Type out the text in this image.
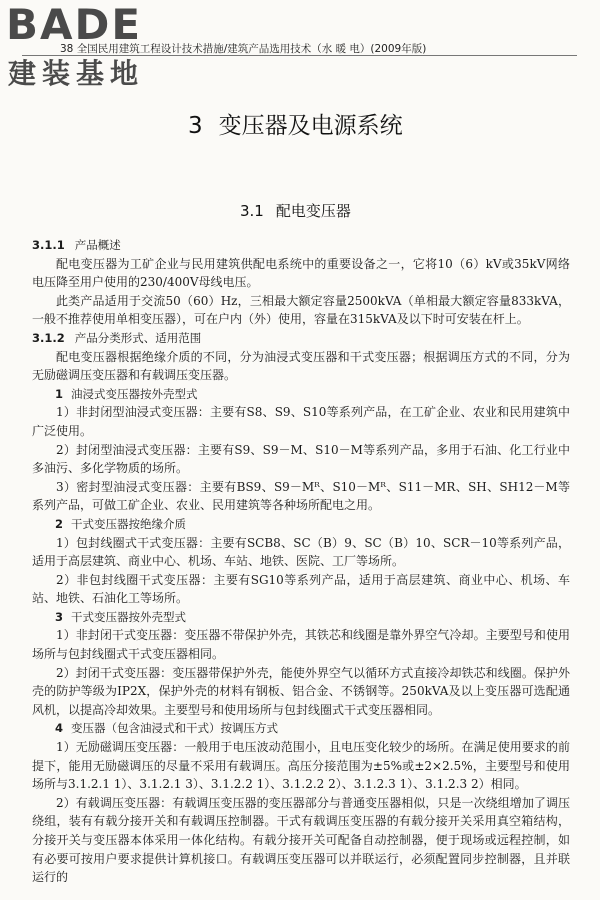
BADE
建装基地
38 全国民用建筑工程设计技术措施/建筑产品选用技术（水 暖 电）(2009年版)
3 变压器及电源系统
3.1 配电变压器

3.1.1 产品概述

配电变压器为工矿企业与民用建筑供配电系统中的重要设备之一，它将10（6）kV或35kV网络电压降至用户使用的230/400V母线电压。

此类产品适用于交流50（60）Hz，三相最大额定容量2500kVA（单相最大额定容量833kVA，一般不推荐使用单相变压器），可在户内（外）使用，容量在315kVA及以下时可安装在杆上。

3.1.2 产品分类形式、适用范围

配电变压器根据绝缘介质的不同，分为油浸式变压器和干式变压器；根据调压方式的不同，分为无励磁调压变压器和有载调压变压器。

1 油浸式变压器按外壳型式

1）非封闭型油浸式变压器：主要有S8、S9、S10等系列产品，在工矿企业、农业和民用建筑中广泛使用。

2）封闭型油浸式变压器：主要有S9、S9－M、S10－M等系列产品，多用于石油、化工行业中多油污、多化学物质的场所。

3）密封型油浸式变压器：主要有BS9、S9－Mᴿ、S10－Mᴿ、S11－MR、SH、SH12－M等系列产品，可做工矿企业、农业、民用建筑等各种场所配电之用。

2 干式变压器按绝缘介质

1）包封线圈式干式变压器：主要有SCB8、SC（B）9、SC（B）10、SCR－10等系列产品，适用于高层建筑、商业中心、机场、车站、地铁、医院、工厂等场所。

2）非包封线圈干式变压器：主要有SG10等系列产品，适用于高层建筑、商业中心、机场、车站、地铁、石油化工等场所。

3 干式变压器按外壳型式

1）非封闭干式变压器：变压器不带保护外壳，其铁芯和线圈是靠外界空气冷却。主要型号和使用场所与包封线圈式干式变压器相同。

2）封闭干式变压器：变压器带保护外壳，能使外界空气以循环方式直接冷却铁芯和线圈。保护外壳的防护等级为IP2X，保护外壳的材料有钢板、铝合金、不锈钢等。250kVA及以上变压器可选配通风机，以提高冷却效果。主要型号和使用场所与包封线圈式干式变压器相同。

4 变压器（包含油浸式和干式）按调压方式

1）无励磁调压变压器：一般用于电压波动范围小，且电压变化较少的场所。在满足使用要求的前提下，能用无励磁调压的尽量不采用有载调压。高压分接范围为±5%或±2×2.5%，主要型号和使用场所与3.1.2.1 1）、3.1.2.1 3）、3.1.2.2 1）、3.1.2.2 2）、3.1.2.3 1）、3.1.2.3 2）相同。

2）有载调压变压器：有载调压变压器的变压器部分与普通变压器相似，只是一次绕组增加了调压绕组，装有有载分接开关和有载调压控制器。干式有载调压变压器的有载分接开关采用真空箱结构，分接开关与变压器本体采用一体化结构。有载分接开关可配备自动控制器，便于现场或远程控制，如有必要可按用户要求提供计算机接口。有载调压变压器可以并联运行，必须配置同步控制器，且并联运行的
